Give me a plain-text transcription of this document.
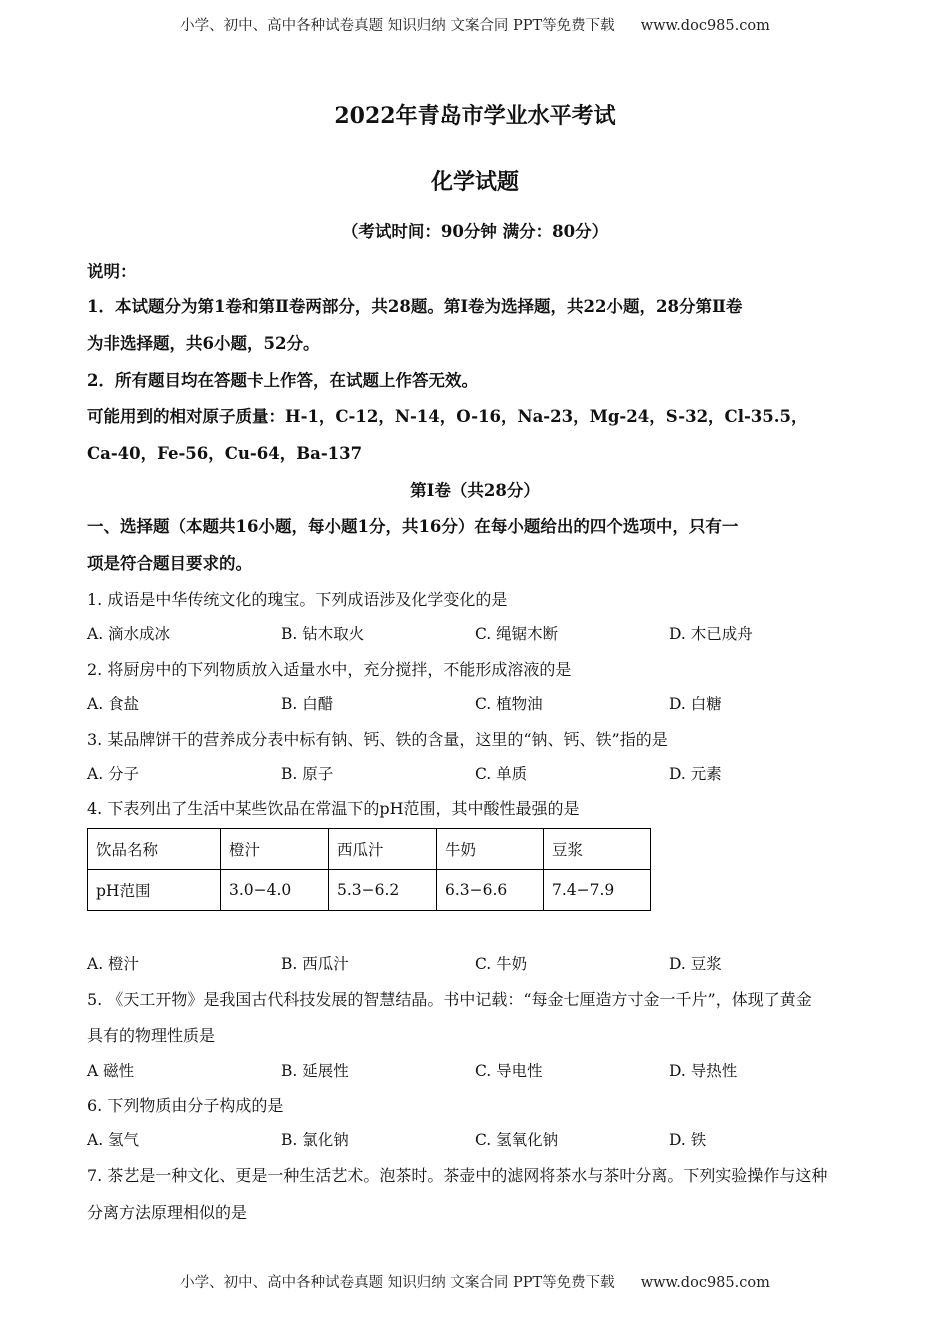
小学、初中、高中各种试卷真题 知识归纳 文案合同 PPT等免费下载 www.doc985.com
2022年青岛市学业水平考试
化学试题
（考试时间：90分钟 满分：80分）
说明：
1．本试题分为第1卷和第Ⅱ卷两部分，共28题。第Ⅰ卷为选择题，共22小题，28分第Ⅱ卷
为非选择题，共6小题，52分。
2．所有题目均在答题卡上作答，在试题上作答无效。
可能用到的相对原子质量：H-1，C-12，N-14，O-16，Na-23，Mg-24，S-32，Cl-35.5，
Ca-40，Fe-56，Cu-64，Ba-137
第Ⅰ卷（共28分）
一、选择题（本题共16小题，每小题1分，共16分）在每小题给出的四个选项中，只有一
项是符合题目要求的。
1. 成语是中华传统文化的瑰宝。下列成语涉及化学变化的是
A. 滴水成冰	B. 钻木取火	C. 绳锯木断	D. 木已成舟
2. 将厨房中的下列物质放入适量水中，充分搅拌，不能形成溶液的是
A. 食盐	B. 白醋	C. 植物油	D. 白糖
3. 某品牌饼干的营养成分表中标有钠、钙、铁的含量，这里的“钠、钙、铁”指的是
A. 分子	B. 原子	C. 单质	D. 元素
4. 下表列出了生活中某些饮品在常温下的pH范围，其中酸性最强的是
饮品名称	橙汁	西瓜汁	牛奶	豆浆
pH范围	3.0−4.0	5.3−6.2	6.3−6.6	7.4−7.9
A. 橙汁	B. 西瓜汁	C. 牛奶	D. 豆浆
5. 《天工开物》是我国古代科技发展的智慧结晶。书中记载：“每金七厘造方寸金一千片”，体现了黄金
具有的物理性质是
A 磁性	B. 延展性	C. 导电性	D. 导热性
6. 下列物质由分子构成的是
A. 氢气	B. 氯化钠	C. 氢氧化钠	D. 铁
7. 茶艺是一种文化、更是一种生活艺术。泡茶时。茶壶中的滤网将茶水与茶叶分离。下列实验操作与这种
分离方法原理相似的是
小学、初中、高中各种试卷真题 知识归纳 文案合同 PPT等免费下载 www.doc985.com
